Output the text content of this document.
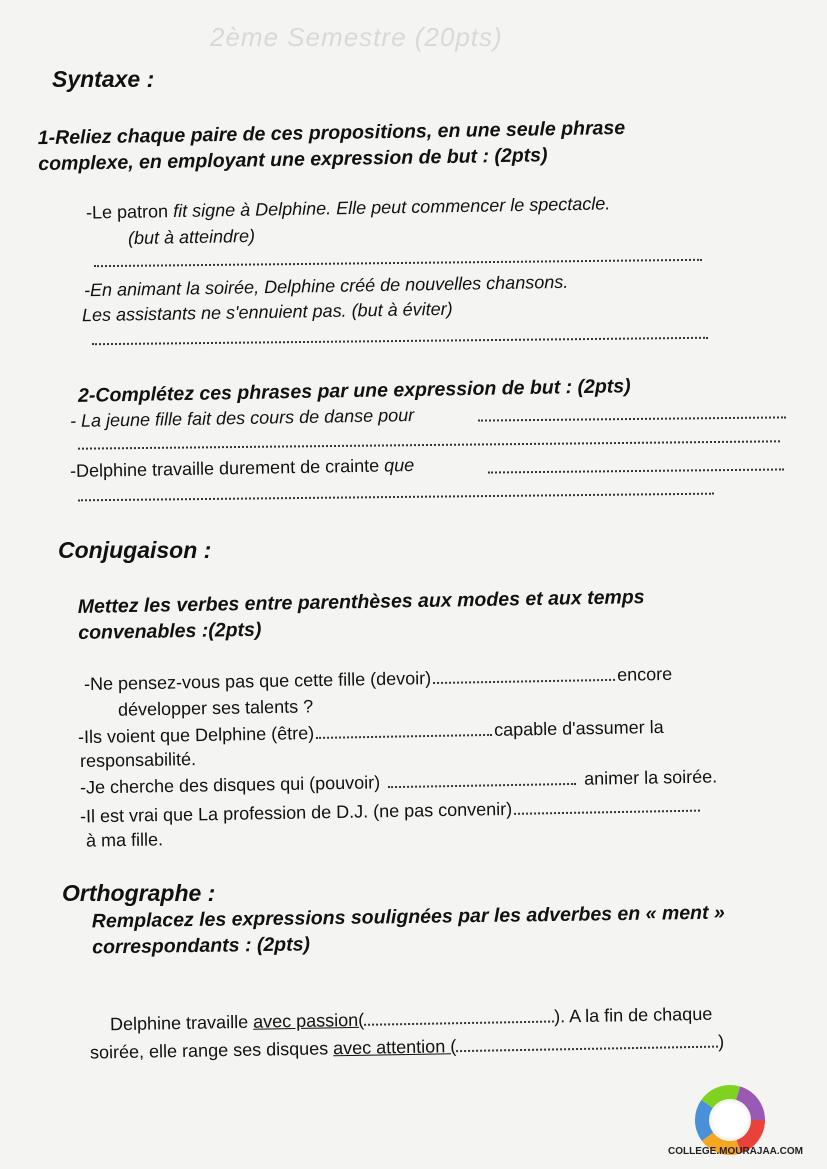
2ème Semestre (20pts)
Syntaxe :
1-Reliez chaque paire de ces propositions, en une seule phrase
complexe, en employant une expression de but : (2pts)
-Le patron fit signe à Delphine. Elle peut commencer le spectacle.
(but à atteindre)
-En animant la soirée, Delphine créé de nouvelles chansons.
Les assistants ne s'ennuient pas. (but à éviter)
2-Complétez ces phrases par une expression de but : (2pts)
- La jeune fille fait des cours de danse pour
-Delphine travaille durement de crainte que
Conjugaison :
Mettez les verbes entre parenthèses aux modes et aux temps
convenables :(2pts)
-Ne pensez-vous pas que cette fille (devoir)	encore
développer ses talents ?
-Ils voient que Delphine (être)	capable d'assumer la
responsabilité.
-Je cherche des disques qui (pouvoir)	animer la soirée.
-Il est vrai que La profession de D.J. (ne pas convenir)
à ma fille.
Orthographe :
Remplacez les expressions soulignées par les adverbes en « ment »
correspondants : (2pts)
Delphine travaille avec passion(	). A la fin de chaque
soirée, elle range ses disques avec attention (	)
COLLEGE.MOURAJAA.COM
